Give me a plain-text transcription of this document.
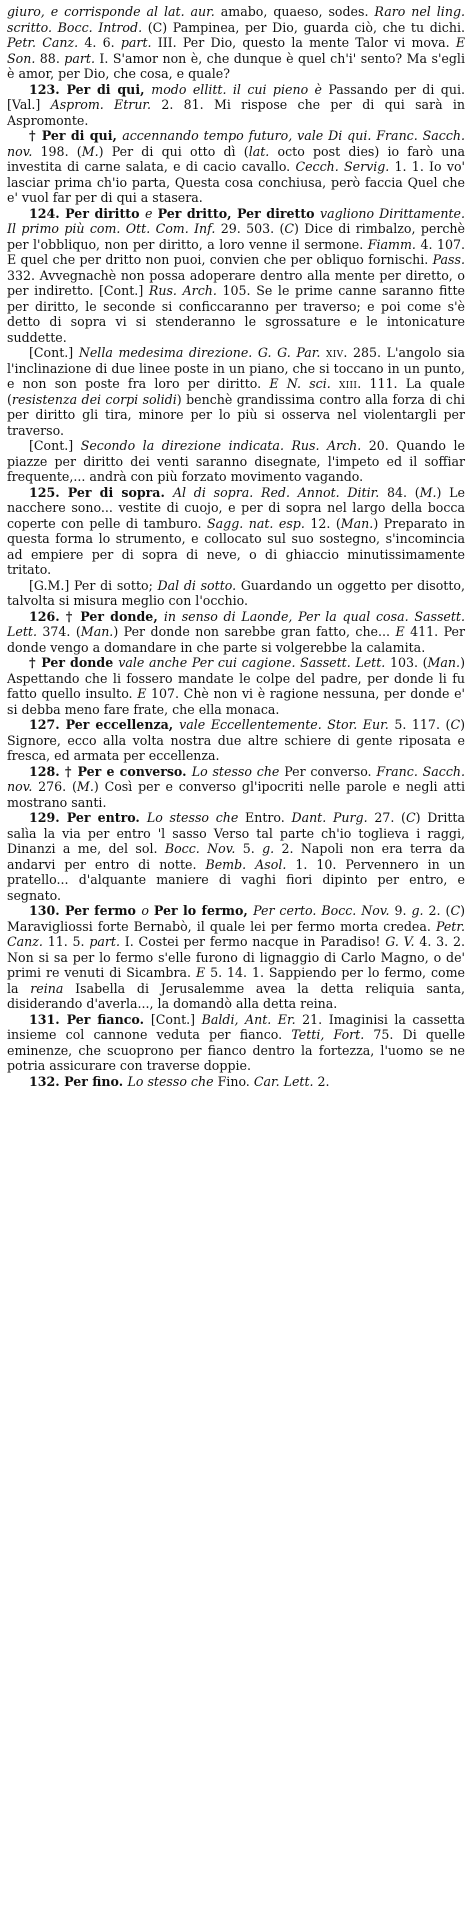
giuro, e corrisponde al lat. aur. amabo, quaeso, sodes. Raro nel ling. scritto. Bocc. Introd. (C) Pampinea, per Dio, guarda ciò, che tu dichi. Petr. Canz. 4. 6. part. III. Per Dio, questo la mente Talor vi mova. E Son. 88. part. I. S'amor non è, che dunque è quel ch'i' sento? Ma s'egli è amor, per Dio, che cosa, e quale?

123. Per di qui, modo ellitt. il cui pieno è Passando per di qui. [Val.] Asprom. Etrur. 2. 81. Mi rispose che per di qui sarà in Aspromonte.

† Per di qui, accennando tempo futuro, vale Di qui. Franc. Sacch. nov. 198. (M.) Per di qui otto dì (lat. octo post dies) io farò una investita di carne salata, e di cacio cavallo. Cecch. Servig. 1. 1. Io vo' lasciar prima ch'io parta, Questa cosa conchiusa, però faccia Quel che e' vuol far per di qui a stasera.

124. Per diritto e Per dritto, Per diretto vagliono Dirittamente. Il primo più com. Ott. Com. Inf. 29. 503. (C) Dice di rimbalzo, perchè per l'obbliquo, non per diritto, a loro venne il sermone. Fiamm. 4. 107. E quel che per dritto non puoi, convien che per obliquo fornischi. Pass. 332. Avvegnachè non possa adoperare dentro alla mente per diretto, o per indiretto. [Cont.] Rus. Arch. 105. Se le prime canne saranno fitte per diritto, le seconde si conficcaranno per traverso; e poi come s'è detto di sopra vi si stenderanno le sgrossature e le intonicature suddette.

[Cont.] Nella medesima direzione. G. G. Par. xiv. 285. L'angolo sia l'inclinazione di due linee poste in un piano, che si toccano in un punto, e non son poste fra loro per diritto. E N. sci. xiii. 111. La quale (resistenza dei corpi solidi) benchè grandissima contro alla forza di chi per diritto gli tira, minore per lo più si osserva nel violentargli per traverso.

[Cont.] Secondo la direzione indicata. Rus. Arch. 20. Quando le piazze per diritto dei venti saranno disegnate, l'impeto ed il soffiar frequente,... andrà con più forzato movimento vagando.

125. Per di sopra. Al di sopra. Red. Annot. Ditir. 84. (M.) Le nacchere sono... vestite di cuojo, e per di sopra nel largo della bocca coperte con pelle di tamburo. Sagg. nat. esp. 12. (Man.) Preparato in questa forma lo strumento, e collocato sul suo sostegno, s'incomincia ad empiere per di sopra di neve, o di ghiaccio minutissimamente tritato.

[G.M.] Per di sotto; Dal di sotto. Guardando un oggetto per disotto, talvolta si misura meglio con l'occhio.

126. † Per donde, in senso di Laonde, Per la qual cosa. Sassett. Lett. 374. (Man.) Per donde non sarebbe gran fatto, che... E 411. Per donde vengo a domandare in che parte si volgerebbe la calamita.

† Per donde vale anche Per cui cagione. Sassett. Lett. 103. (Man.) Aspettando che li fossero mandate le colpe del padre, per donde li fu fatto quello insulto. E 107. Chè non vi è ragione nessuna, per donde e' si debba meno fare frate, che ella monaca.

127. Per eccellenza, vale Eccellentemente. Stor. Eur. 5. 117. (C) Signore, ecco alla volta nostra due altre schiere di gente riposata e fresca, ed armata per eccellenza.

128. † Per e converso. Lo stesso che Per converso. Franc. Sacch. nov. 276. (M.) Così per e converso gl'ipocriti nelle parole e negli atti mostrano santi.

129. Per entro. Lo stesso che Entro. Dant. Purg. 27. (C) Dritta salìa la via per entro 'l sasso Verso tal parte ch'io toglieva i raggi, Dinanzi a me, del sol. Bocc. Nov. 5. g. 2. Napoli non era terra da andarvi per entro di notte. Bemb. Asol. 1. 10. Pervennero in un pratello... d'alquante maniere di vaghi fiori dipinto per entro, e segnato.

130. Per fermo o Per lo fermo, Per certo. Bocc. Nov. 9. g. 2. (C) Maravigliossi forte Bernabò, il quale lei per fermo morta credea. Petr. Canz. 11. 5. part. I. Costei per fermo nacque in Paradiso! G. V. 4. 3. 2. Non si sa per lo fermo s'elle furono di lignaggio di Carlo Magno, o de' primi re venuti di Sicambra. E 5. 14. 1. Sappiendo per lo fermo, come la reina Isabella di Jerusalemme avea la detta reliquia santa, disiderando d'averla..., la domandò alla detta reina.

131. Per fianco. [Cont.] Baldi, Ant. Er. 21. Imaginisi la cassetta insieme col cannone veduta per fianco. Tetti, Fort. 75. Di quelle eminenze, che scuoprono per fianco dentro la fortezza, l'uomo se ne potria assicurare con traverse doppie.

132. Per fino. Lo stesso che Fino. Car. Lett. 2.
